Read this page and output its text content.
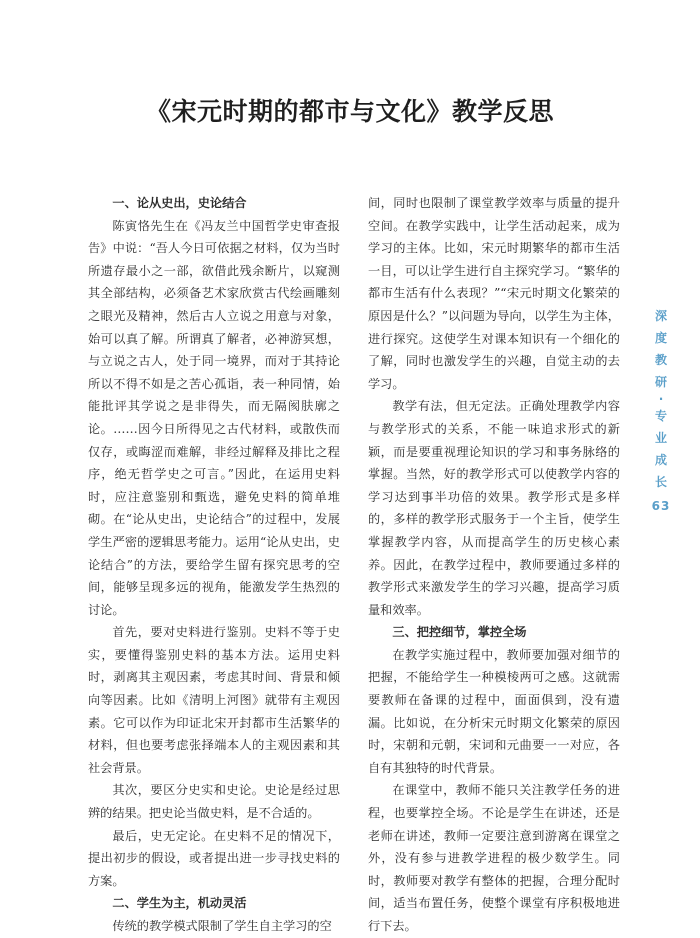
《宋元时期的都市与文化》教学反思
一、论从史出，史论结合

陈寅恪先生在《冯友兰中国哲学史审查报告》中说：“吾人今日可依据之材料，仅为当时所遗存最小之一部，欲借此残余断片，以窥测其全部结构，必须备艺术家欣赏古代绘画雕刻之眼光及精神，然后古人立说之用意与对象，始可以真了解。所谓真了解者，必神游冥想，与立说之古人，处于同一境界，而对于其持论所以不得不如是之苦心孤诣，表一种同情，始能批评其学说之是非得失，而无隔阂肤廓之论。……因今日所得见之古代材料，或散佚而仅存，或晦涩而难解，非经过解释及排比之程序，绝无哲学史之可言。”因此，在运用史料时，应注意鉴别和甄选，避免史料的简单堆砌。在“论从史出，史论结合”的过程中，发展学生严密的逻辑思考能力。运用“论从史出，史论结合”的方法，要给学生留有探究思考的空间，能够呈现多远的视角，能激发学生热烈的讨论。

首先，要对史料进行鉴别。史料不等于史实，要懂得鉴别史料的基本方法。运用史料时，剥离其主观因素，考虑其时间、背景和倾向等因素。比如《清明上河图》就带有主观因素。它可以作为印证北宋开封都市生活繁华的材料，但也要考虑张择端本人的主观因素和其社会背景。

其次，要区分史实和史论。史论是经过思辨的结果。把史论当做史料，是不合适的。

最后，史无定论。在史料不足的情况下，提出初步的假设，或者提出进一步寻找史料的方案。

二、学生为主，机动灵活

传统的教学模式限制了学生自主学习的空

间，同时也限制了课堂教学效率与质量的提升空间。在教学实践中，让学生活动起来，成为学习的主体。比如，宋元时期繁华的都市生活一目，可以让学生进行自主探究学习。“繁华的都市生活有什么表现？”“宋元时期文化繁荣的原因是什么？”以问题为导向，以学生为主体，进行探究。这使学生对课本知识有一个细化的了解，同时也激发学生的兴趣，自觉主动的去学习。

教学有法，但无定法。正确处理教学内容与教学形式的关系，不能一味追求形式的新颖，而是要重视理论知识的学习和事务脉络的掌握。当然，好的教学形式可以使教学内容的学习达到事半功倍的效果。教学形式是多样的，多样的教学形式服务于一个主旨，使学生掌握教学内容，从而提高学生的历史核心素养。因此，在教学过程中，教师要通过多样的教学形式来激发学生的学习兴趣，提高学习质量和效率。

三、把控细节，掌控全场

在教学实施过程中，教师要加强对细节的把握，不能给学生一种模棱两可之感。这就需要教师在备课的过程中，面面俱到，没有遗漏。比如说，在分析宋元时期文化繁荣的原因时，宋朝和元朝，宋词和元曲要一一对应，各自有其独特的时代背景。

在课堂中，教师不能只关注教学任务的进程，也要掌控全场。不论是学生在讲述，还是老师在讲述，教师一定要注意到游离在课堂之外，没有参与进教学进程的极少数学生。同时，教师要对教学有整体的把握，合理分配时间，适当布置任务，使整个课堂有序积极地进行下去。

深
度
教
研
·
专
业
成
长
63
